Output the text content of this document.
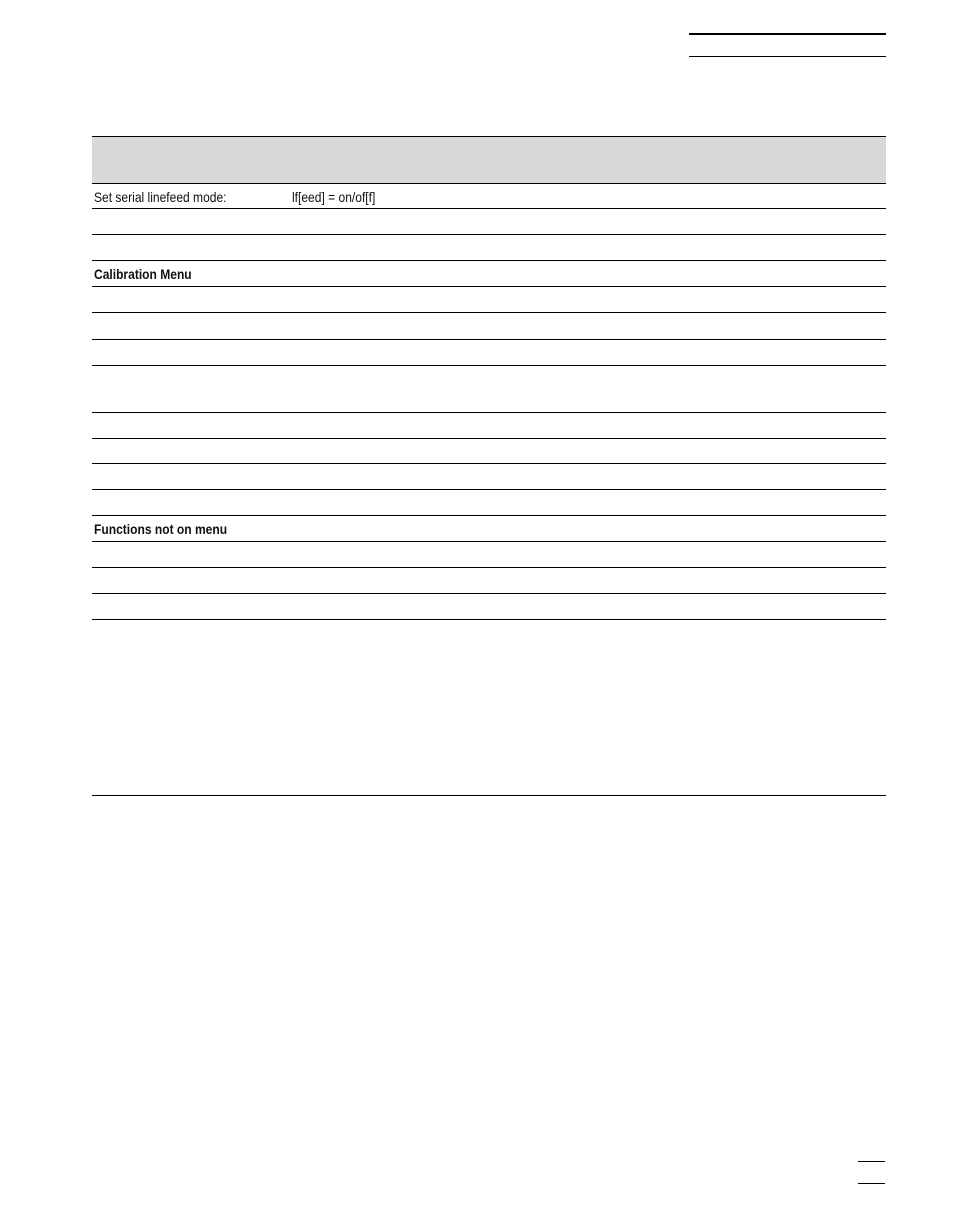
Set serial linefeed mode:	lf[eed] = on/of[f]
Calibration Menu
Functions not on menu
